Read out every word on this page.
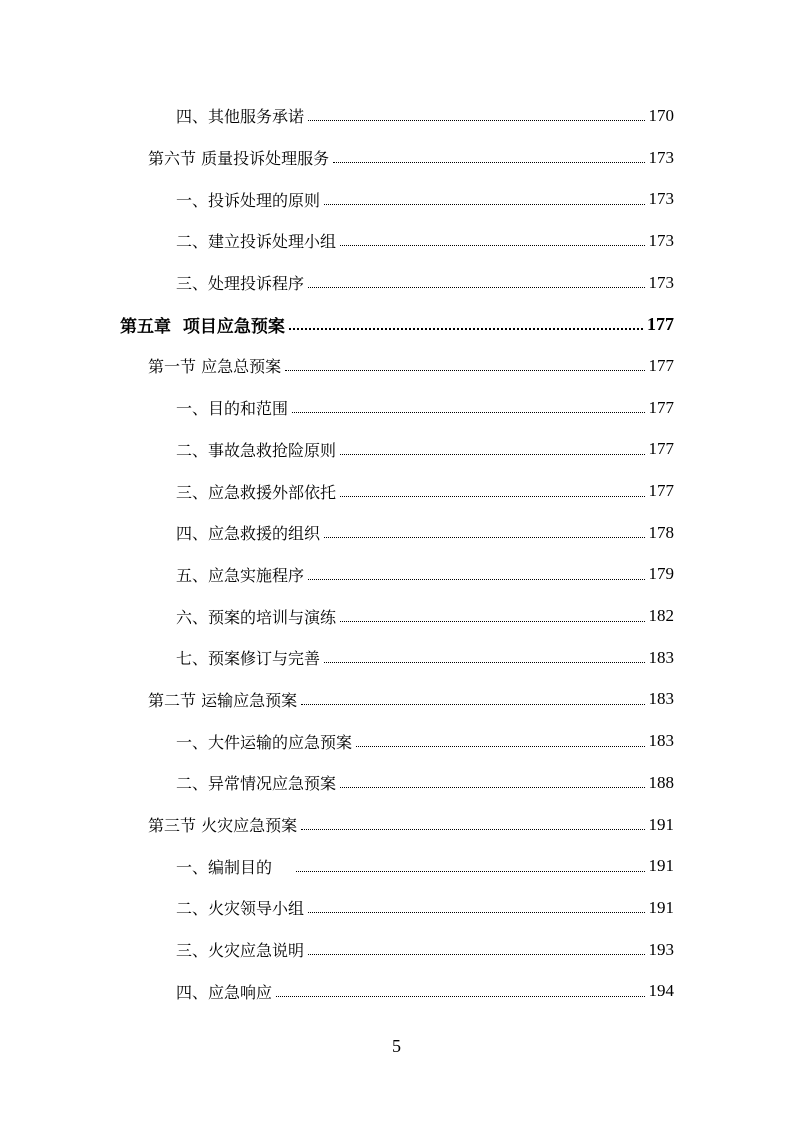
四、其他服务承诺	170
第六节 质量投诉处理服务	173
一、投诉处理的原则	173
二、建立投诉处理小组	173
三、处理投诉程序	173
第五章  项目应急预案	177
第一节 应急总预案	177
一、目的和范围	177
二、事故急救抢险原则	177
三、应急救援外部依托	177
四、应急救援的组织	178
五、应急实施程序	179
六、预案的培训与演练	182
七、预案修订与完善	183
第二节 运输应急预案	183
一、大件运输的应急预案	183
二、异常情况应急预案	188
第三节 火灾应急预案	191
一、编制目的	191
二、火灾领导小组	191
三、火灾应急说明	193
四、应急响应	194
5
